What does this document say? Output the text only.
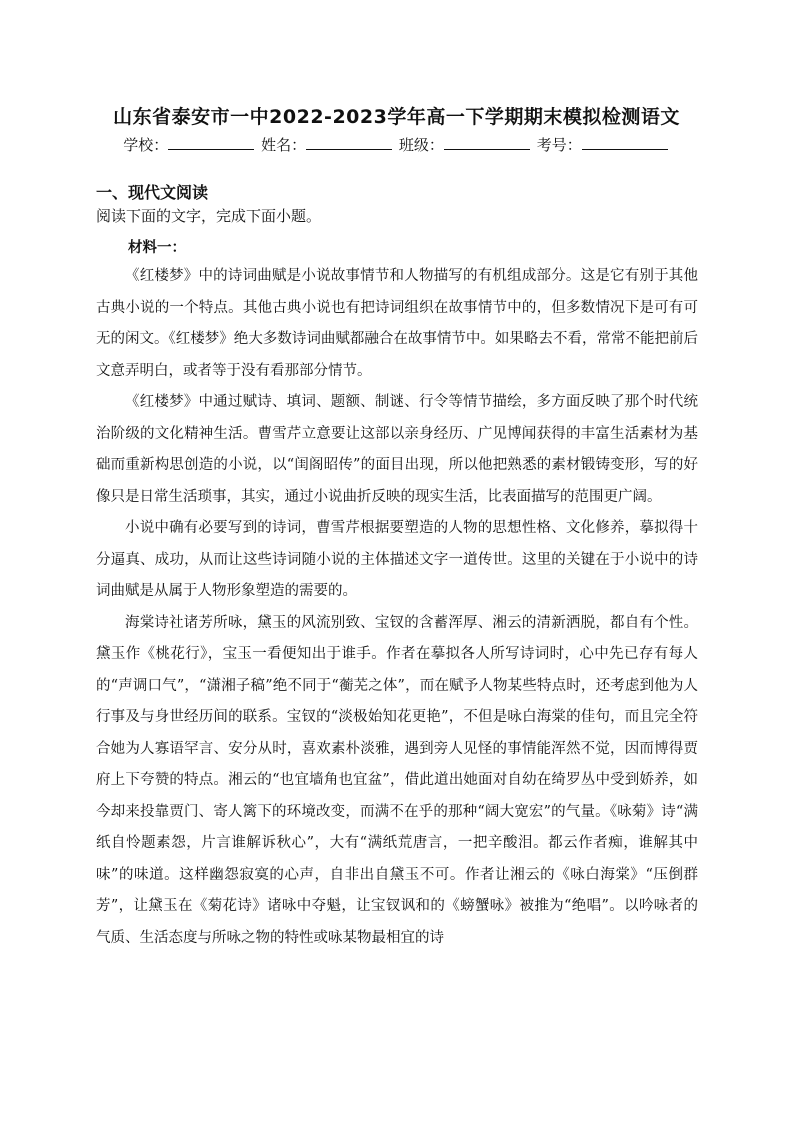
山东省泰安市一中2022-2023学年高一下学期期末模拟检测语文
学校：	姓名：	班级：	考号：
一、现代文阅读
阅读下面的文字，完成下面小题。
材料一：

《红楼梦》中的诗词曲赋是小说故事情节和人物描写的有机组成部分。这是它有别于其他古典小说的一个特点。其他古典小说也有把诗词组织在故事情节中的，但多数情况下是可有可无的闲文。《红楼梦》绝大多数诗词曲赋都融合在故事情节中。如果略去不看，常常不能把前后文意弄明白，或者等于没有看那部分情节。

《红楼梦》中通过赋诗、填词、题额、制谜、行令等情节描绘，多方面反映了那个时代统治阶级的文化精神生活。曹雪芹立意要让这部以亲身经历、广见博闻获得的丰富生活素材为基础而重新构思创造的小说，以“闺阁昭传”的面目出现，所以他把熟悉的素材锻铸变形，写的好像只是日常生活琐事，其实，通过小说曲折反映的现实生活，比表面描写的范围更广阔。

小说中确有必要写到的诗词，曹雪芹根据要塑造的人物的思想性格、文化修养，摹拟得十分逼真、成功，从而让这些诗词随小说的主体描述文字一道传世。这里的关键在于小说中的诗词曲赋是从属于人物形象塑造的需要的。

海棠诗社诸芳所咏，黛玉的风流别致、宝钗的含蓄浑厚、湘云的清新洒脱，都自有个性。黛玉作《桃花行》，宝玉一看便知出于谁手。作者在摹拟各人所写诗词时，心中先已存有每人的“声调口气”，“潇湘子稿”绝不同于“蘅芜之体”，而在赋予人物某些特点时，还考虑到他为人行事及与身世经历间的联系。宝钗的“淡极始知花更艳”，不但是咏白海棠的佳句，而且完全符合她为人寡语罕言、安分从时，喜欢素朴淡雅，遇到旁人见怪的事情能浑然不觉，因而博得贾府上下夸赞的特点。湘云的“也宜墙角也宜盆”，借此道出她面对自幼在绮罗丛中受到娇养，如今却来投靠贾门、寄人篱下的环境改变，而满不在乎的那种“阔大宽宏”的气量。《咏菊》诗“满纸自怜题素怨，片言谁解诉秋心”，大有“满纸荒唐言，一把辛酸泪。都云作者痴，谁解其中味”的味道。这样幽怨寂寞的心声，自非出自黛玉不可。作者让湘云的《咏白海棠》“压倒群芳”，让黛玉在《菊花诗》诸咏中夺魁，让宝钗讽和的《螃蟹咏》被推为“绝唱”。以吟咏者的气质、生活态度与所咏之物的特性或咏某物最相宜的诗
